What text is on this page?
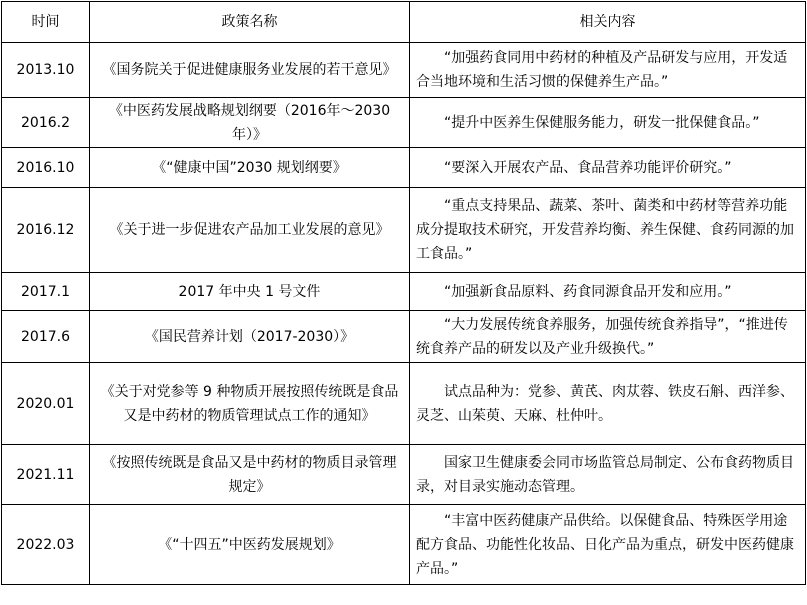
时间	政策名称	相关内容
2013.10	《国务院关于促进健康服务业发展的若干意见》	“加强药食同用中药材的种植及产品研发与应用，开发适合当地环境和生活习惯的保健养生产品。”
2016.2	《中医药发展战略规划纲要（2016年～2030年）》	“提升中医养生保健服务能力，研发一批保健食品。”
2016.10	《“健康中国”2030 规划纲要》	“要深入开展农产品、食品营养功能评价研究。”
2016.12	《关于进一步促进农产品加工业发展的意见》	“重点支持果品、蔬菜、茶叶、菌类和中药材等营养功能成分提取技术研究，开发营养均衡、养生保健、食药同源的加工食品。”
2017.1	2017 年中央 1 号文件	“加强新食品原料、药食同源食品开发和应用。”
2017.6	《国民营养计划（2017-2030）》	“大力发展传统食养服务，加强传统食养指导”，“推进传统食养产品的研发以及产业升级换代。”
2020.01	《关于对党参等 9 种物质开展按照传统既是食品又是中药材的物质管理试点工作的通知》	试点品种为：党参、黄芪、肉苁蓉、铁皮石斛、西洋参、灵芝、山茱萸、天麻、杜仲叶。
2021.11	《按照传统既是食品又是中药材的物质目录管理规定》	国家卫生健康委会同市场监管总局制定、公布食药物质目录，对目录实施动态管理。
2022.03	《“十四五”中医药发展规划》	“丰富中医药健康产品供给。以保健食品、特殊医学用途配方食品、功能性化妆品、日化产品为重点，研发中医药健康产品。”
